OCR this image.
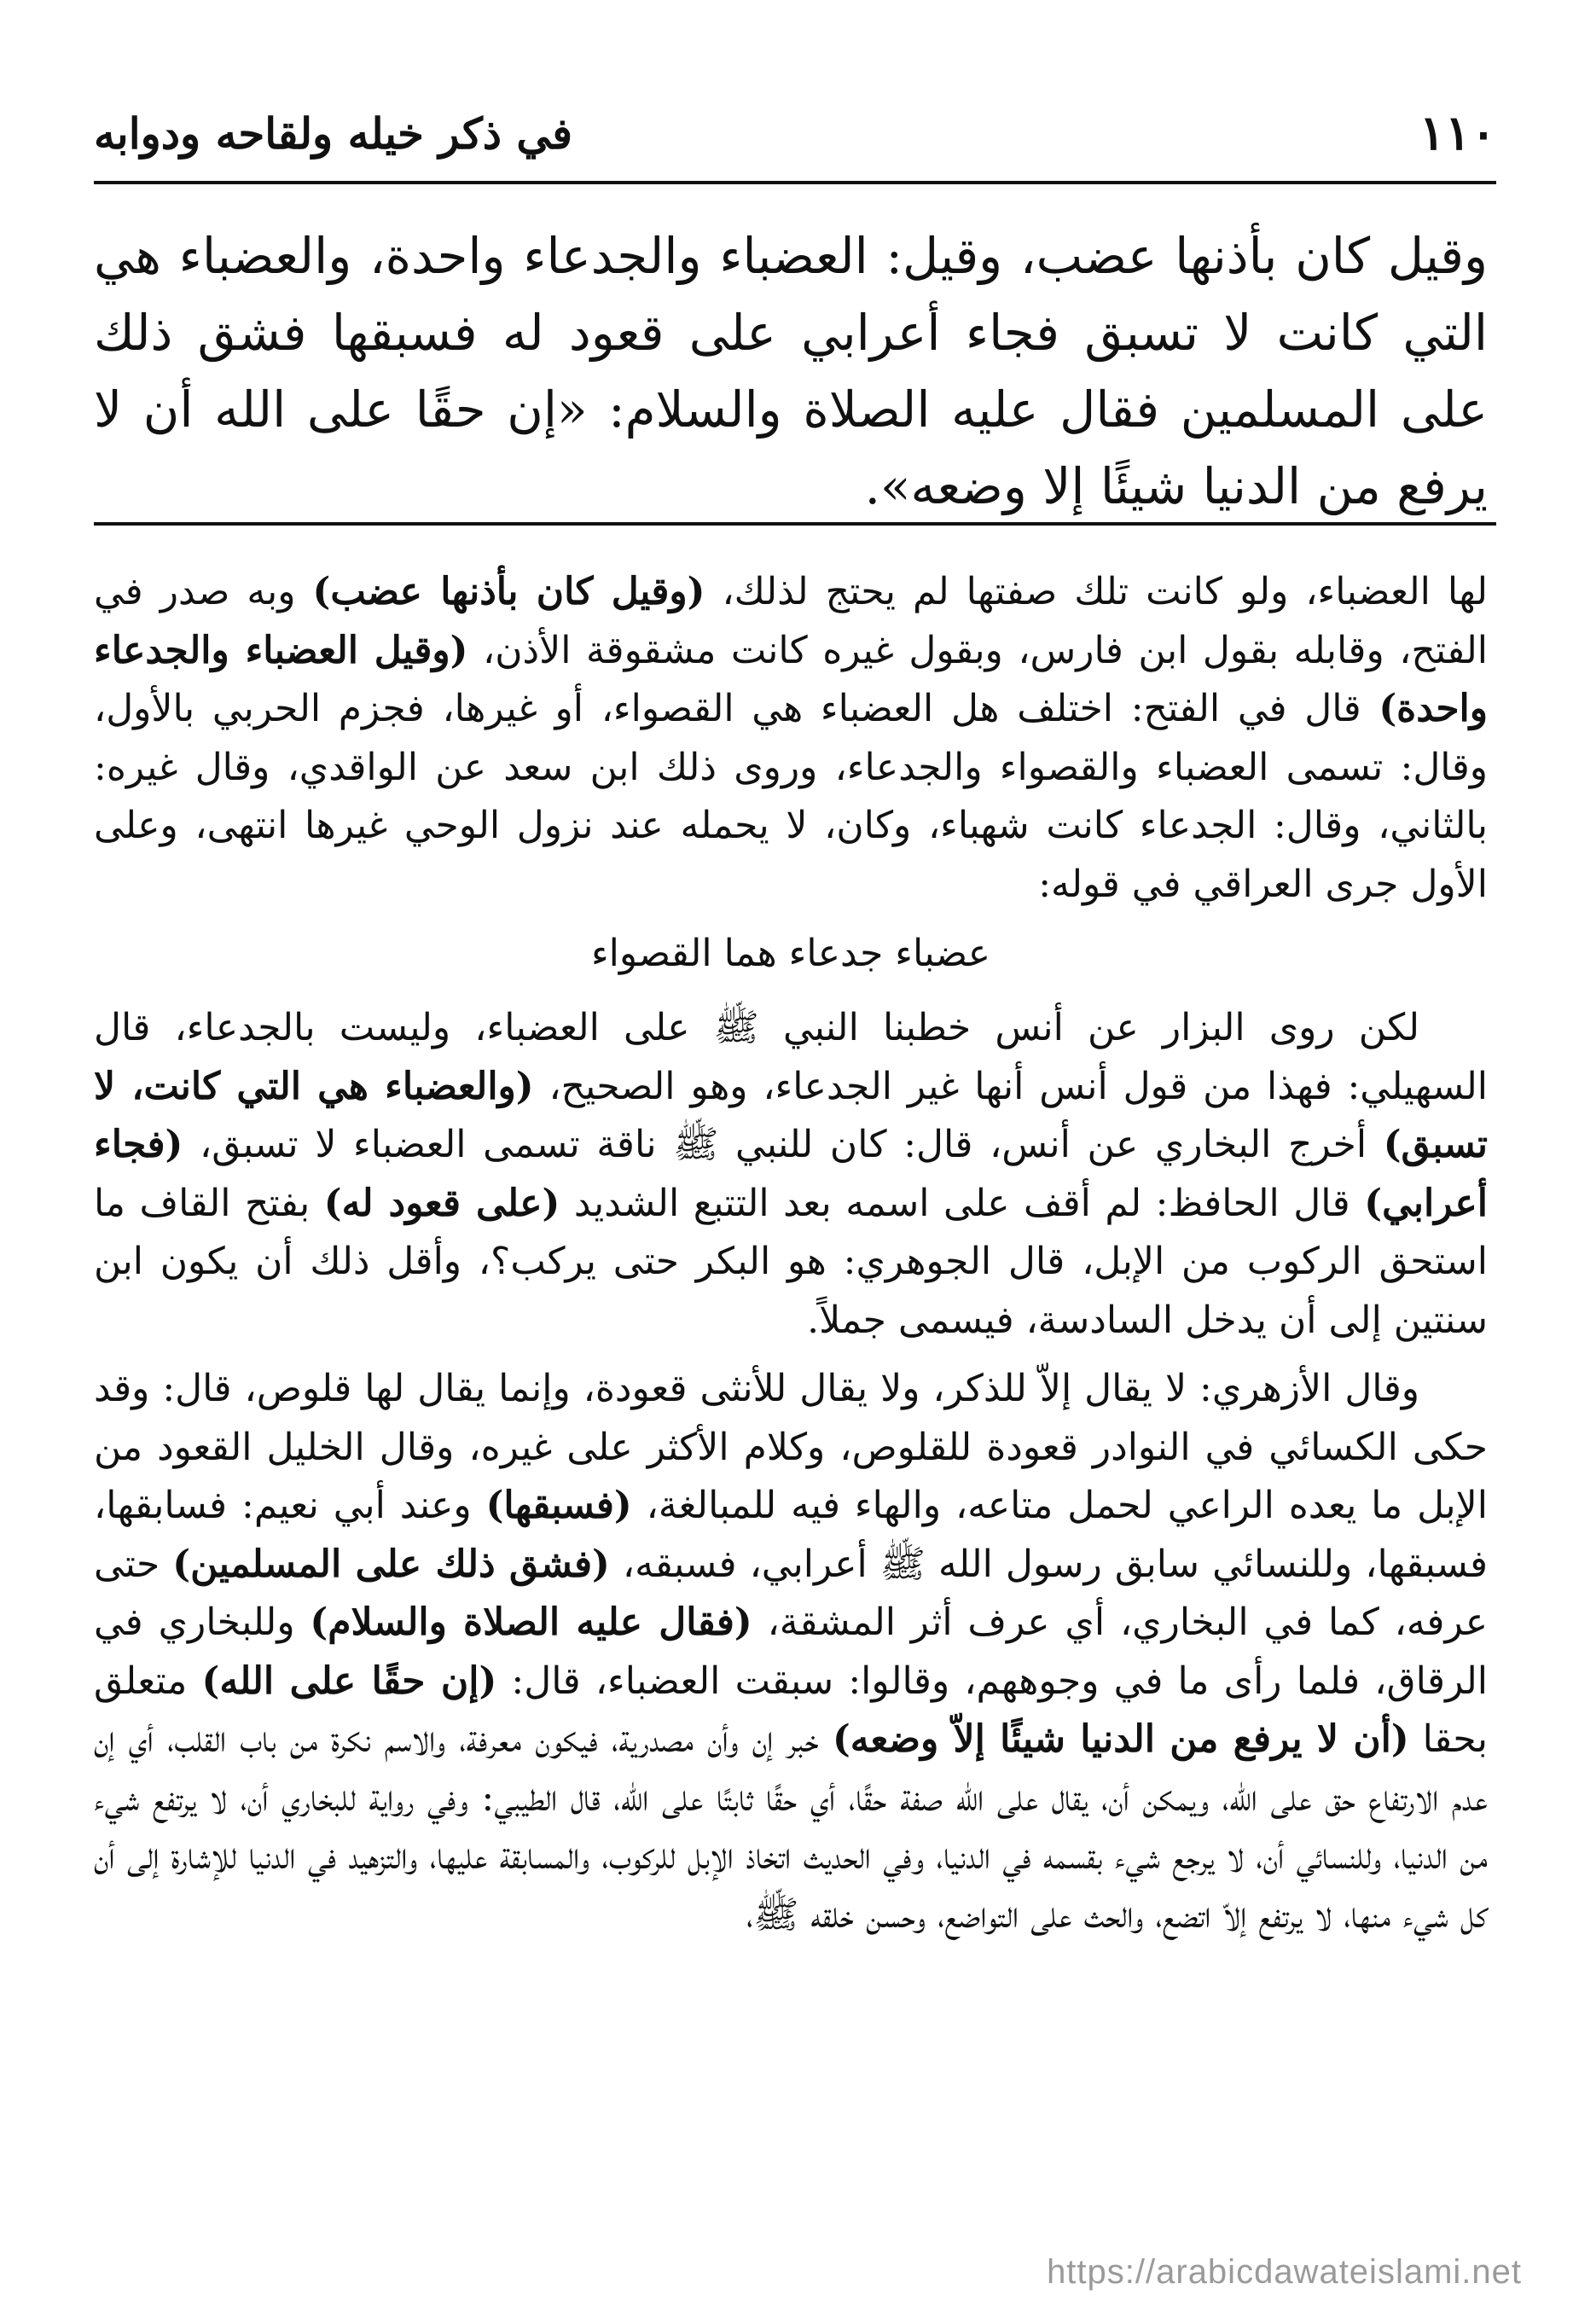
١١٠
في ذكر خيله ولقاحه ودوابه

وقيل كان بأذنها عضب، وقيل: العضباء والجدعاء واحدة، والعضباء هي التي كانت لا تسبق فجاء أعرابي على قعود له فسبقها فشق ذلك على المسلمين فقال عليه الصلاة والسلام: «إن حقًا على الله أن لا يرفع من الدنيا شيئًا إلا وضعه».

لها العضباء، ولو كانت تلك صفتها لم يحتج لذلك، (وقيل كان بأذنها عضب) وبه صدر في الفتح، وقابله بقول ابن فارس، وبقول غيره كانت مشقوقة الأذن، (وقيل العضباء والجدعاء واحدة) قال في الفتح: اختلف هل العضباء هي القصواء، أو غيرها، فجزم الحربي بالأول، وقال: تسمى العضباء والقصواء والجدعاء، وروى ذلك ابن سعد عن الواقدي، وقال غيره: بالثاني، وقال: الجدعاء كانت شهباء، وكان، لا يحمله عند نزول الوحي غيرها انتهى، وعلى الأول جرى العراقي في قوله:

عضباء جدعاء هما القصواء

لكن روى البزار عن أنس خطبنا النبي ﷺ على العضباء، وليست بالجدعاء، قال السهيلي: فهذا من قول أنس أنها غير الجدعاء، وهو الصحيح، (والعضباء هي التي كانت، لا تسبق) أخرج البخاري عن أنس، قال: كان للنبي ﷺ ناقة تسمى العضباء لا تسبق، (فجاء أعرابي) قال الحافظ: لم أقف على اسمه بعد التتبع الشديد (على قعود له) بفتح القاف ما استحق الركوب من الإبل، قال الجوهري: هو البكر حتى يركب؟، وأقل ذلك أن يكون ابن سنتين إلى أن يدخل السادسة، فيسمى جملاً.

وقال الأزهري: لا يقال إلاّ للذكر، ولا يقال للأنثى قعودة، وإنما يقال لها قلوص، قال: وقد حكى الكسائي في النوادر قعودة للقلوص، وكلام الأكثر على غيره، وقال الخليل القعود من الإبل ما يعده الراعي لحمل متاعه، والهاء فيه للمبالغة، (فسبقها) وعند أبي نعيم: فسابقها، فسبقها، وللنسائي سابق رسول الله ﷺ أعرابي، فسبقه، (فشق ذلك على المسلمين) حتى عرفه، كما في البخاري، أي عرف أثر المشقة، (فقال عليه الصلاة والسلام) وللبخاري في الرقاق، فلما رأى ما في وجوههم، وقالوا: سبقت العضباء، قال: (إن حقًا على الله) متعلق بحقا (أن لا يرفع من الدنيا شيئًا إلاّ وضعه) خبر إن وأن مصدرية، فيكون معرفة، والاسم نكرة من باب القلب، أي إن عدم الارتفاع حق على الله، ويمكن أن، يقال على الله صفة حقًا، أي حقًا ثابتًا على الله، قال الطيبي: وفي رواية للبخاري أن، لا يرتفع شيء من الدنيا، وللنسائي أن، لا يرجع شيء بقسمه في الدنيا، وفي الحديث اتخاذ الإبل للركوب، والمسابقة عليها، والتزهيد في الدنيا للإشارة إلى أن كل شيء منها، لا يرتفع إلاّ اتضع، والحث على التواضع، وحسن خلقه ﷺ،

https://arabicdawateislami.net
